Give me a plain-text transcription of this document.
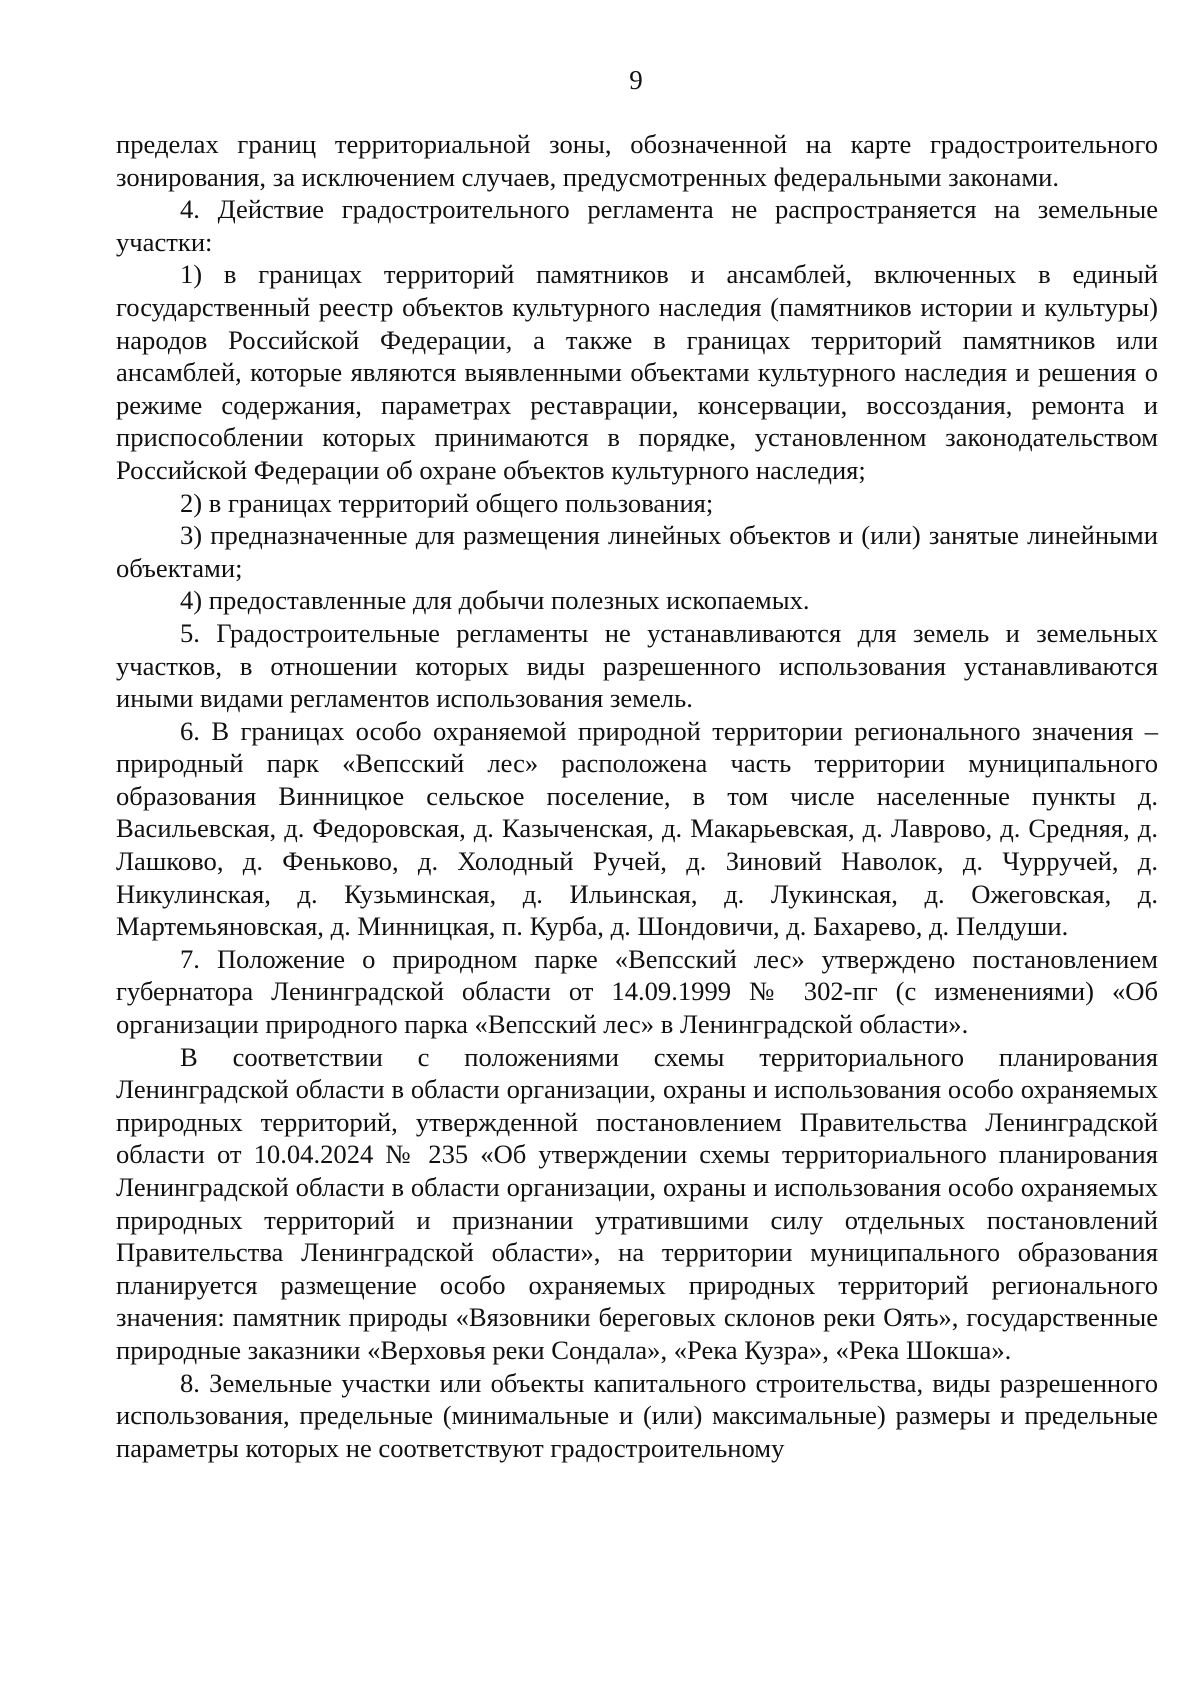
9

пределах границ территориальной зоны, обозначенной на карте градостроительного зонирования, за исключением случаев, предусмотренных федеральными законами.

4. Действие градостроительного регламента не распространяется на земельные участки:

1) в границах территорий памятников и ансамблей, включенных в единый государственный реестр объектов культурного наследия (памятников истории и культуры) народов Российской Федерации, а также в границах территорий памятников или ансамблей, которые являются выявленными объектами культурного наследия и решения о режиме содержания, параметрах реставрации, консервации, воссоздания, ремонта и приспособлении которых принимаются в порядке, установленном законодательством Российской Федерации об охране объектов культурного наследия;

2) в границах территорий общего пользования;

3) предназначенные для размещения линейных объектов и (или) занятые линейными объектами;

4) предоставленные для добычи полезных ископаемых.

5. Градостроительные регламенты не устанавливаются для земель и земельных участков, в отношении которых виды разрешенного использования устанавливаются иными видами регламентов использования земель.

6. В границах особо охраняемой природной территории регионального значения – природный парк «Вепсский лес» расположена часть территории муниципального образования Винницкое сельское поселение, в том числе населенные пункты д. Васильевская, д. Федоровская, д. Казыченская, д. Макарьевская, д. Лаврово, д. Средняя, д. Лашково, д. Феньково, д. Холодный Ручей, д. Зиновий Наволок, д. Чурручей, д. Никулинская, д. Кузьминская, д. Ильинская, д. Лукинская, д. Ожеговская, д. Мартемьяновская, д. Минницкая, п. Курба, д. Шондовичи, д. Бахарево, д. Пелдуши.

7. Положение о природном парке «Вепсский лес» утверждено постановлением губернатора Ленинградской области от 14.09.1999 № 302-пг (с изменениями) «Об организации природного парка «Вепсский лес» в Ленинградской области».

В соответствии с положениями схемы территориального планирования Ленинградской области в области организации, охраны и использования особо охраняемых природных территорий, утвержденной постановлением Правительства Ленинградской области от 10.04.2024 № 235 «Об утверждении схемы территориального планирования Ленинградской области в области организации, охраны и использования особо охраняемых природных территорий и признании утратившими силу отдельных постановлений Правительства Ленинградской области», на территории муниципального образования планируется размещение особо охраняемых природных территорий регионального значения: памятник природы «Вязовники береговых склонов реки Оять», государственные природные заказники «Верховья реки Сондала», «Река Кузра», «Река Шокша».

8. Земельные участки или объекты капитального строительства, виды разрешенного использования, предельные (минимальные и (или) максимальные) размеры и предельные параметры которых не соответствуют градостроительному
